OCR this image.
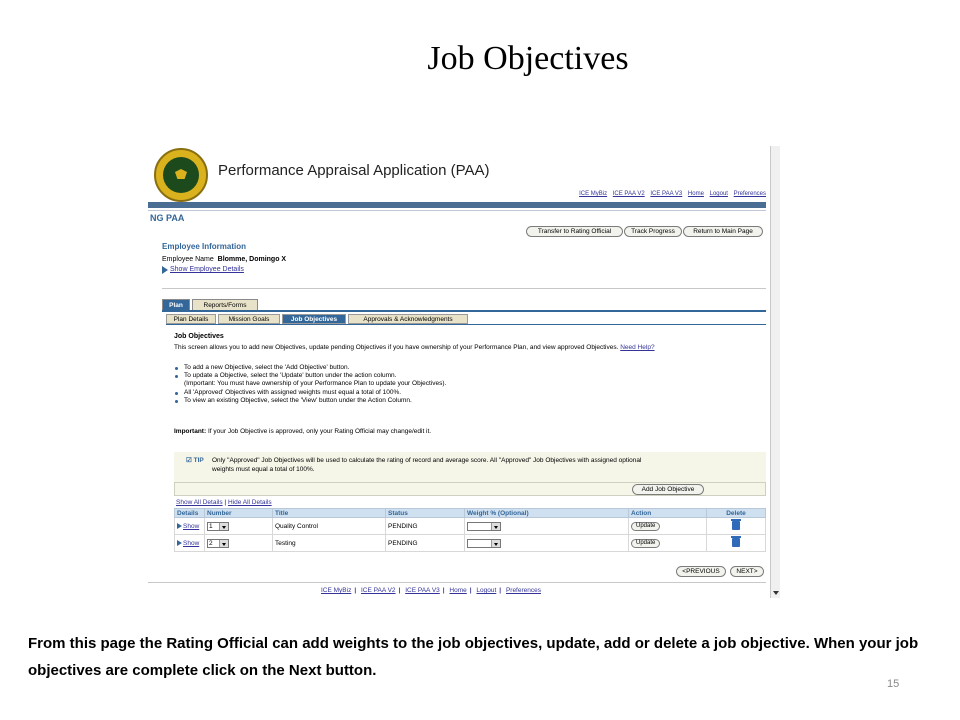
Job Objectives
Performance Appraisal Application (PAA)
ICE MyBiz ICE PAA V2 ICE PAA V3 Home Logout Preferences
NG PAA
Transfer to Rating Official	Track Progress	Return to Main Page
Employee Information
Employee Name Blomme, Domingo X
Show Employee Details
Plan	Reports/Forms
Plan Details	Mission Goals	Job Objectives	Approvals & Acknowledgments
Job Objectives
This screen allows you to add new Objectives, update pending Objectives if you have ownership of your Performance Plan, and view approved Objectives. Need Help?
To add a new Objective, select the 'Add Objective' button.
To update a Objective, select the 'Update' button under the action column.
(Important: You must have ownership of your Performance Plan to update your Objectives).
All 'Approved' Objectives with assigned weights must equal a total of 100%.
To view an existing Objective, select the 'View' button under the Action Column.
Important: If your Job Objective is approved, only your Rating Official may change/edit it.
☑ TIP Only "Approved" Job Objectives will be used to calculate the rating of record and average score. All "Approved" Job Objectives with assigned optional
weights must equal a total of 100%.
Add Job Objective
Show All Details | Hide All Details
Details	Number	Title	Status	Weight % (Optional)	Action	Delete
Show	1	Quality Control	PENDING		Update	
Show	2	Testing	PENDING		Update	
<PREVIOUS	NEXT>
ICE MyBiz | ICE PAA V2 | ICE PAA V3 | Home | Logout | Preferences
From this page the Rating Official can add weights to the job objectives, update, add or delete a job objective. When your job objectives are complete click on the Next button.
15
